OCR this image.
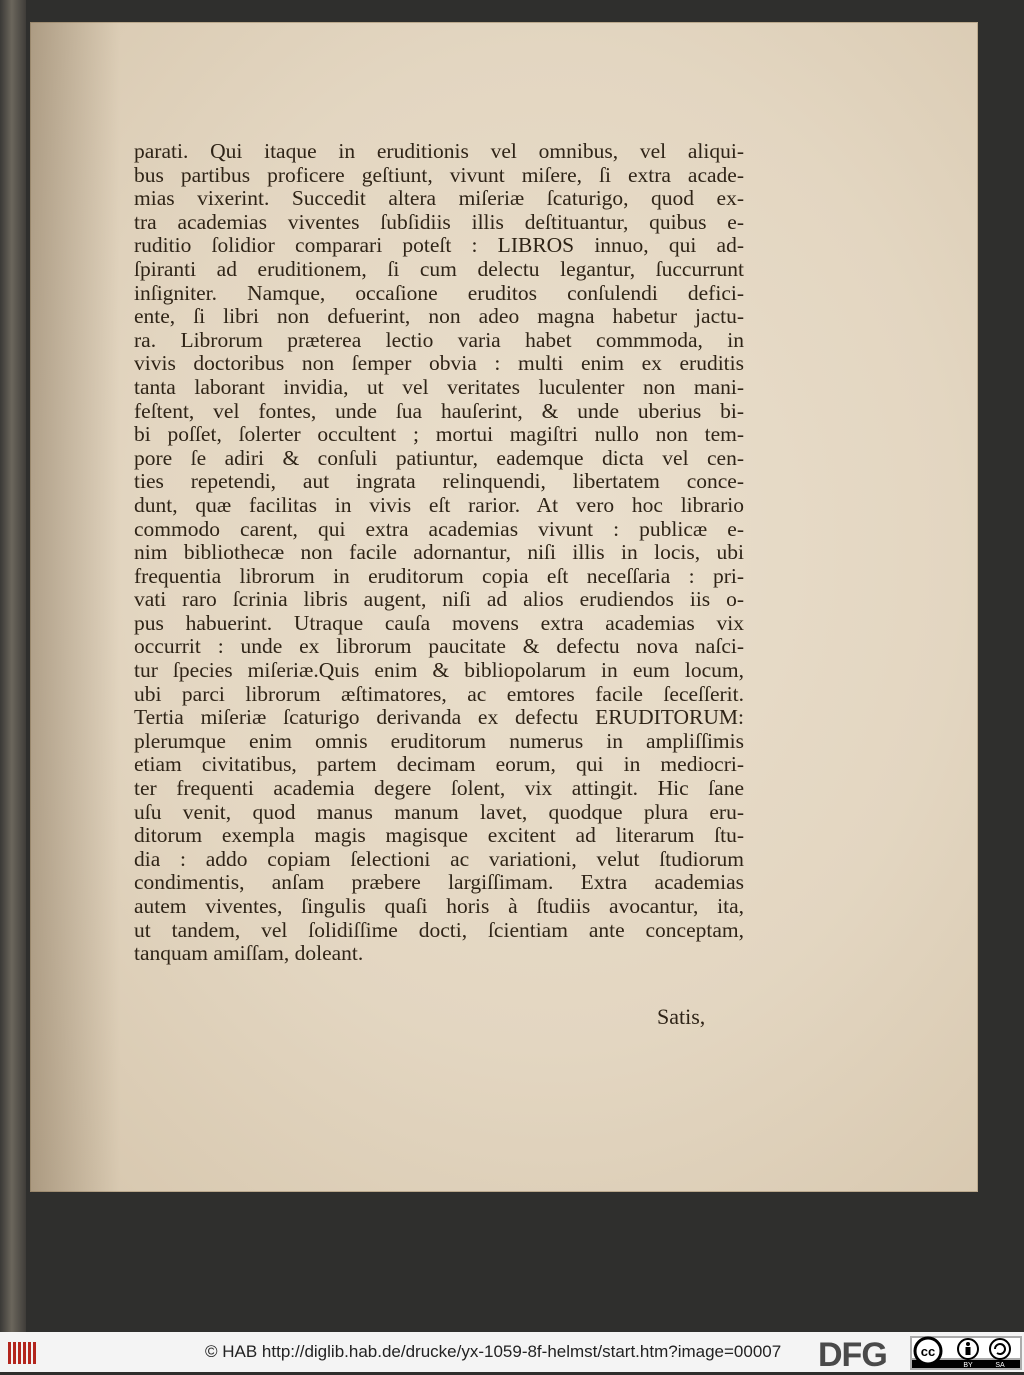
parati. Qui itaque in eruditionis vel omnibus, vel aliqui-
bus partibus proficere geſtiunt, vivunt miſere, ſi extra acade-
mias vixerint. Succedit altera miſeriæ ſcaturigo, quod ex-
tra academias viventes ſubſidiis illis deſtituantur, quibus e-
ruditio ſolidior comparari poteſt : LIBROS innuo, qui ad-
ſpiranti ad eruditionem, ſi cum delectu legantur, ſuccurrunt
inſigniter. Namque, occaſione eruditos conſulendi defici-
ente, ſi libri non defuerint, non adeo magna habetur jactu-
ra. Librorum præterea lectio varia habet commmoda, in
vivis doctoribus non ſemper obvia : multi enim ex eruditis
tanta laborant invidia, ut vel veritates luculenter non mani-
feſtent, vel fontes, unde ſua hauſerint, & unde uberius bi-
bi poſſet, ſolerter occultent ; mortui magiſtri nullo non tem-
pore ſe adiri & conſuli patiuntur, eademque dicta vel cen-
ties repetendi, aut ingrata relinquendi, libertatem conce-
dunt, quæ facilitas in vivis eſt rarior. At vero hoc librario
commodo carent, qui extra academias vivunt : publicæ e-
nim bibliothecæ non facile adornantur, niſi illis in locis, ubi
frequentia librorum in eruditorum copia eſt neceſſaria : pri-
vati raro ſcrinia libris augent, niſi ad alios erudiendos iis o-
pus habuerint. Utraque cauſa movens extra academias vix
occurrit : unde ex librorum paucitate & defectu nova naſci-
tur ſpecies miſeriæ.Quis enim & bibliopolarum in eum locum,
ubi parci librorum æſtimatores, ac emtores facile ſeceſſerit.
Tertia miſeriæ ſcaturigo derivanda ex defectu ERUDITORUM:
plerumque enim omnis eruditorum numerus in ampliſſimis
etiam civitatibus, partem decimam eorum, qui in mediocri-
ter frequenti academia degere ſolent, vix attingit. Hic ſane
uſu venit, quod manus manum lavet, quodque plura eru-
ditorum exempla magis magisque excitent ad literarum ſtu-
dia : addo copiam ſelectioni ac variationi, velut ſtudiorum
condimentis, anſam præbere largiſſimam. Extra academias
autem viventes, ſingulis quaſi horis à ſtudiis avocantur, ita,
ut tandem, vel ſolidiſſime docti, ſcientiam ante conceptam,
tanquam amiſſam, doleant.
Satis,
© HAB http://diglib.hab.de/drucke/yx-1059-8f-helmst/start.htm?image=00007 DFG	cc
BY	SA
